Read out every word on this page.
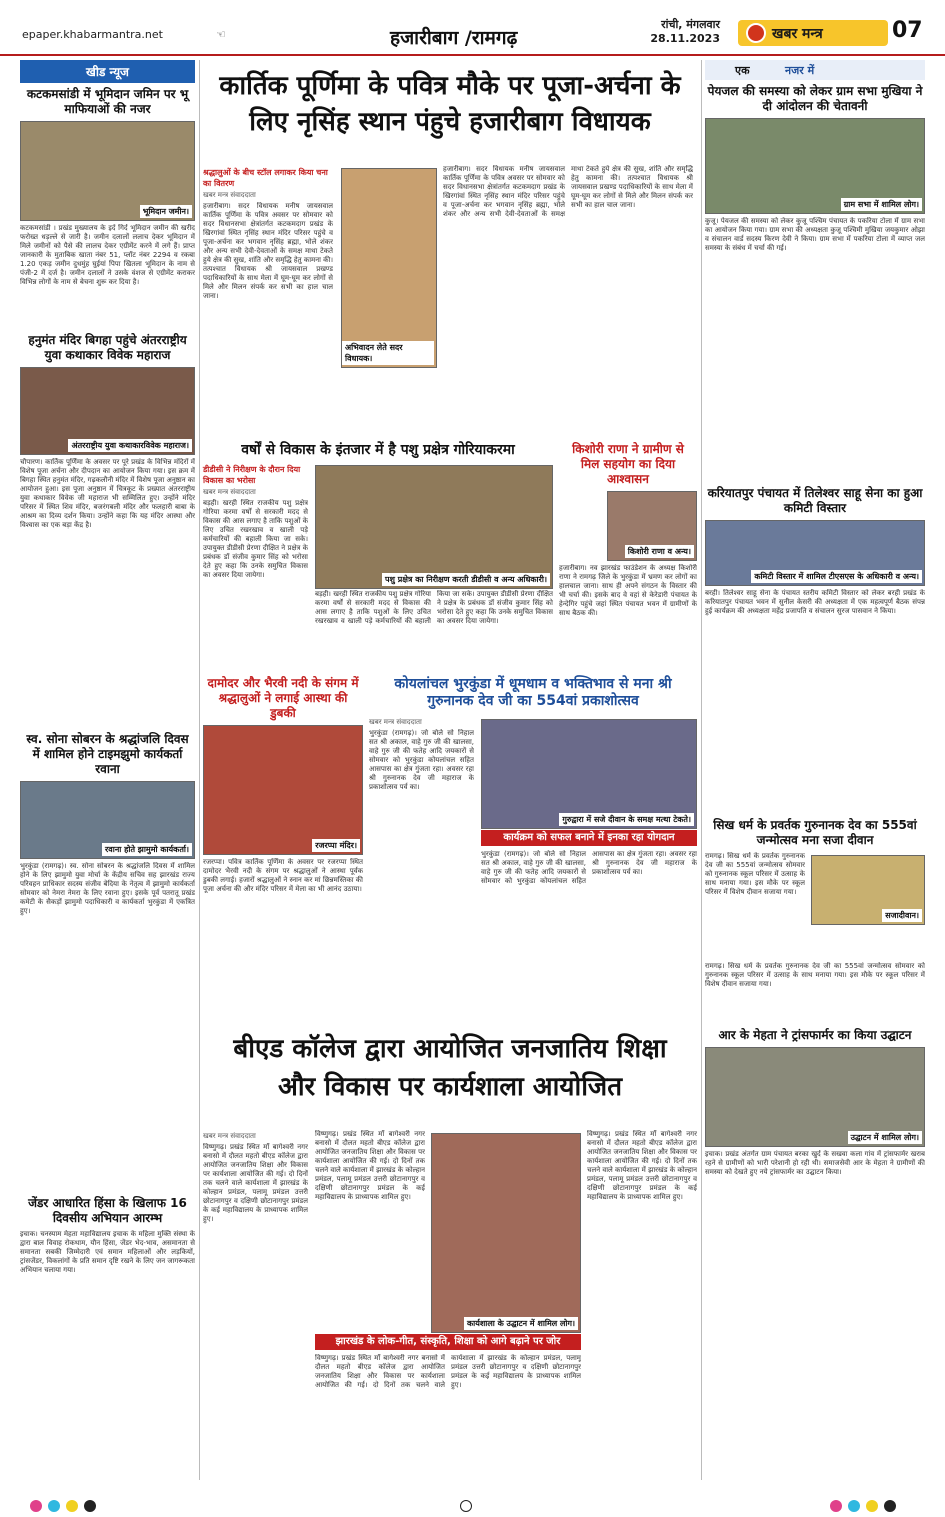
epaper.khabarmantra.net	☜	हजारीबाग /रामगढ़
रांची, मंगलवार
28.11.2023	खबर मन्त्र	07
खीड न्यूज
कटकमसांडी में भूमिदान जमिन पर भू माफियाओं की नजर
भूमिदान जमीन।
कटकमसांडी । प्रखंड मुख्यालय के इर्द गिर्द भूमिदान जमीन की खरीद फरोख्त धड़ल्ले से जारी है। जमीन दलालों ललाच देकर भूमिदान में मिले जमीनों को पैसे की लालच देकर एग्रीमेंट करने में लगे हैं। प्राप्त जानकारी के मुताबिक खाता नंबर 51, प्लॉट नंबर 2294 व रकबा 1.20 एकड़ जमीन दुधमुंह घुईयां पिपा खितला भूमिदान के नाम से पंजी-2 में दर्ज है। जमीन दलालों ने उसके वंशज से एग्रीमेंट कराकर विभिन्न लोगों के नाम से बेचना शुरू कर दिया है।
हनुमंत मंदिर बिगहा पहुंचे अंतरराष्ट्रीय युवा कथाकार विवेक महाराज
अंतरराष्ट्रीय युवा कथाकारविवेक महाराज।
चौपारण। कार्तिक पूर्णिमा के अवसर पर पूरे प्रखंड के विभिन्न मंदिरों में विशेष पूजा अर्चना और दीपदान का आयोजन किया गया। इस क्रम में बिगहा स्थित हनुमंत मंदिर, गढ़कलौनी मंदिर में विशेष पूजा अनुष्ठान का आयोजन हुआ। इस पूजा अनुष्ठान में चित्रकूट के प्रख्यात अंतरराष्ट्रीय युवा कथाकार विवेक जी महाराज भी सम्मिलित हुए। उन्होंने मंदिर परिसर में स्थित शिव मंदिर, बजरंगबली मंदिर और फलहारी बाबा के आश्रम का दिव्य दर्शन किया। उन्होंने कहा कि यह मंदिर आस्था और विश्वास का एक बड़ा केंद्र है।
स्व. सोना सोबरन के श्रद्धांजलि दिवस में शामिल होने टाइमझुमो कार्यकर्ता रवाना
रवाना होते झामुमो कार्यकर्ता।
भुरकुंडा (रामगढ़)। स्व. सोना सोबरन के श्रद्धांजलि दिवस में शामिल होने के लिए झामुमो युवा मोर्चा के केंद्रीय सचिव सह झारखंड राज्य परिवहन प्राधिकार सदस्य संजीव बेदिया के नेतृत्व में झामुमो कार्यकर्ता सोमवार को नेमरा नेमरा के लिए रवाना हुए। इसके पूर्व पतरातू प्रखंड कमेटी के सैकड़ों झामुमो पदाधिकारी व कार्यकर्ता भुरकुंडा में एकत्रित हुए।
जेंडर आधारित हिंसा के खिलाफ 16 दिवसीय अभियान आरम्भ
इचाक। चनस्याम मेहता महाविद्यालय इचाक के महिला मुक्ति संस्था के द्वारा बाल विवाह रोकथाम, यौन हिंसा, जेंडर भेद-भाव, असमानता से समानता सबकी जिम्मेदारी एवं समान महिलाओं और लड़कियों, ट्रांसजेंडर, विकलांगों के प्रति समान दृष्टि रखने के लिए जन जागरूकता अभियान चलाया गया।
कार्तिक पूर्णिमा के पवित्र मौके पर पूजा-अर्चना के लिए नृसिंह स्थान पंहुचे हजारीबाग विधायक
श्रद्धालुओं के बीच स्टॉल लगाकर किया चना का वितरण
खबर मन्त्र संवाददाता
हजारीबाग। सदर विधायक मनीष जायसवाल कार्तिक पूर्णिमा के पवित्र अवसर पर सोमवार को सदर विधानसभा क्षेत्रांतर्गत कटकमदाग प्रखंड के खिरगांवां स्थित नृसिंह स्थान मंदिर परिसर पहुंचे व पूजा-अर्चना कर भगवान नृसिंह ब्रह्मा, भोले शंकर और अन्य सभी देवी-देवताओं के समक्ष माथा टेकते हुये क्षेत्र की सुख, शांति और समृद्धि हेतु कामना की। तत्पश्चात विधायक श्री जायसवाल प्रखण्ड पदाधिकारियों के साथ मेला में घूम-घूम कर लोगों से मिले और मिलन संपर्क कर सभी का हाल चाल जाना।
अभिवादन लेते सदर विधायक।
हजारीबाग। सदर विधायक मनीष जायसवाल कार्तिक पूर्णिमा के पवित्र अवसर पर सोमवार को सदर विधानसभा क्षेत्रांतर्गत कटकमदाग प्रखंड के खिरगांवां स्थित नृसिंह स्थान मंदिर परिसर पहुंचे व पूजा-अर्चना कर भगवान नृसिंह ब्रह्मा, भोले शंकर और अन्य सभी देवी-देवताओं के समक्ष माथा टेकते हुये क्षेत्र की सुख, शांति और समृद्धि हेतु कामना की। तत्पश्चात विधायक श्री जायसवाल प्रखण्ड पदाधिकारियों के साथ मेला में घूम-घूम कर लोगों से मिले और मिलन संपर्क कर सभी का हाल चाल जाना।
वर्षों से विकास के इंतजार में है पशु प्रक्षेत्र गोरियाकरमा
डीडीसी ने निरीक्षण के दौरान दिया विकास का भरोसा
खबर मन्त्र संवाददाता
बड़ही। खरही स्थित राजकीय पशु प्रक्षेत्र गोरिया करमा वर्षों से सरकारी मदद से विकास की आस लगाए है ताकि पशुओं के लिए उचित रखरखाव व खाली पड़े कर्मचारियों की बहाली किया जा सके। उपायुक्त डीडीसी प्रेरणा दीक्षित ने प्रक्षेत्र के प्रबंधक डॉ संजीव कुमार सिंह को भरोसा देते हुए कहा कि उनके समुचित विकास का अवसर दिया जायेगा।	पशु प्रक्षेत्र का निरीक्षण करती डीडीसी व अन्य अधिकारी।
बड़ही। खरही स्थित राजकीय पशु प्रक्षेत्र गोरिया करमा वर्षों से सरकारी मदद से विकास की आस लगाए है ताकि पशुओं के लिए उचित रखरखाव व खाली पड़े कर्मचारियों की बहाली किया जा सके। उपायुक्त डीडीसी प्रेरणा दीक्षित ने प्रक्षेत्र के प्रबंधक डॉ संजीव कुमार सिंह को भरोसा देते हुए कहा कि उनके समुचित विकास का अवसर दिया जायेगा।
किशोरी राणा ने ग्रामीण से मिल सहयोग का दिया आश्वासन
किशोरी राणा व अन्य।
हजारीबाग। नव झारखंड फाउंडेशन के अध्यक्ष किशोरी राणा ने रामगढ़ जिले के भुरकुंडा में भ्रमण कर लोगों का हालचाल जाना। साथ ही अपने संगठन के विस्तार की भी चर्चा की। इसके बाद वे वहां से केरेडारी पंचायत के हेन्देगिर पहुंचे जहां स्थित पंचायत भवन में ग्रामीणों के साथ बैठक की।
दामोदर और भैरवी नदी के संगम में श्रद्धालुओं ने लगाई आस्था की डुबकी
रजरप्पा मंदिर।
रजरप्पा। पवित्र कार्तिक पूर्णिमा के अवसर पर रजरप्पा स्थित दामोदर भैरवी नदी के संगम पर श्रद्धालुओं ने आस्था पूर्वक डुबकी लगाई। हजारों श्रद्धालुओं ने स्नान कर मां छिन्नमस्तिका की पूजा अर्चना की और मंदिर परिसर में मेला का भी आनंद उठाया।
कोयलांचल भुरकुंडा में धूमधाम व भक्तिभाव से मना श्री गुरुनानक देव जी का 554वां प्रकाशोत्सव
खबर मन्त्र संवाददाता
भुरकुंडा (रामगढ़)। जो बोले सो निहाल सत श्री अकाल, वाहे गुरु जी की खालसा, वाहे गुरु जी की फतेह आदि जयकारों से सोमवार को भुरकुंडा कोयलांचल सहित आसपास का क्षेत्र गुंजता रहा। अवसर रहा श्री गुरुनानक देव जी महाराज के प्रकाशोत्सव पर्व का।
गुरुद्वारा में सजे दीवान के समक्ष मत्था टेकते।
कार्यक्रम को सफल बनाने में इनका रहा योगदान
भुरकुंडा (रामगढ़)। जो बोले सो निहाल सत श्री अकाल, वाहे गुरु जी की खालसा, वाहे गुरु जी की फतेह आदि जयकारों से सोमवार को भुरकुंडा कोयलांचल सहित आसपास का क्षेत्र गुंजता रहा। अवसर रहा श्री गुरुनानक देव जी महाराज के प्रकाशोत्सव पर्व का।
बीएड कॉलेज द्वारा आयोजित जनजातिय शिक्षा और विकास पर कार्यशाला आयोजित
खबर मन्त्र संवाददाता
विष्णुगढ़। प्रखंड स्थित माँ बागेश्वरी नगर बनासो में दौलत महतो बीएड कॉलेज द्वारा आयोजित जनजातिय शिक्षा और विकास पर कार्यशाला आयोजित की गई। दो दिनों तक चलने वाले कार्यशाला में झारखंड के कोल्हान प्रमंडल, पलामू प्रमंडल उत्तरी छोटानागपुर व दक्षिणी छोटानागपुर प्रमंडल के कई महाविद्यालय के प्राध्यापक शामिल हुए।
विष्णुगढ़। प्रखंड स्थित माँ बागेश्वरी नगर बनासो में दौलत महतो बीएड कॉलेज द्वारा आयोजित जनजातिय शिक्षा और विकास पर कार्यशाला आयोजित की गई। दो दिनों तक चलने वाले कार्यशाला में झारखंड के कोल्हान प्रमंडल, पलामू प्रमंडल उत्तरी छोटानागपुर व दक्षिणी छोटानागपुर प्रमंडल के कई महाविद्यालय के प्राध्यापक शामिल हुए।
कार्यशाला के उद्घाटन में शामिल लोग।
विष्णुगढ़। प्रखंड स्थित माँ बागेश्वरी नगर बनासो में दौलत महतो बीएड कॉलेज द्वारा आयोजित जनजातिय शिक्षा और विकास पर कार्यशाला आयोजित की गई। दो दिनों तक चलने वाले कार्यशाला में झारखंड के कोल्हान प्रमंडल, पलामू प्रमंडल उत्तरी छोटानागपुर व दक्षिणी छोटानागपुर प्रमंडल के कई महाविद्यालय के प्राध्यापक शामिल हुए।
झारखंड के लोक-गीत, संस्कृति, शिक्षा को आगे बढ़ाने पर जोर
विष्णुगढ़। प्रखंड स्थित माँ बागेश्वरी नगर बनासो में दौलत महतो बीएड कॉलेज द्वारा आयोजित जनजातिय शिक्षा और विकास पर कार्यशाला आयोजित की गई। दो दिनों तक चलने वाले कार्यशाला में झारखंड के कोल्हान प्रमंडल, पलामू प्रमंडल उत्तरी छोटानागपुर व दक्षिणी छोटानागपुर प्रमंडल के कई महाविद्यालय के प्राध्यापक शामिल हुए।
एक	नजर में
पेयजल की समस्या को लेकर ग्राम सभा मुखिया ने दी आंदोलन की चेतावनी
ग्राम सभा में शामिल लोग।
कुजू। पेयजल की समस्या को लेकर कुजू पश्चिम पंचायत के पकरिया टोला में ग्राम सभा का आयोजन किया गया। ग्राम सभा की अध्यक्षता कुजू पश्चिमी मुखिया जयकुमार ओझा व संचालन वार्ड सदस्य किरण देवी ने किया। ग्राम सभा में पकरिया टोला में व्याप्त जल समस्या के संबंध में चर्चा की गई।
करियातपुर पंचायत में तिलेश्वर साहू सेना का हुआ कमिटी विस्तार
कमिटी विस्तार में शामिल टीएसएस के अधिकारी व अन्य।
बरही। तिलेश्वर साहू सेना के पंचायत स्तरीय कमिटी विस्तार को लेकर बरही प्रखंड के करियातपुर पंचायत भवन में सुनील केसरी की अध्यक्षता में एक महत्वपूर्ण बैठक संपन्न हुई कार्यक्रम की अध्यक्षता महेंद्र प्रजापति व संचालन सुरज पासवान ने किया।
सिख धर्म के प्रवर्तक गुरुनानक देव का 555वां जन्मोत्सव मना सजा दीवान
रामगढ़। सिख धर्म के प्रवर्तक गुरुनानक देव जी का 555वां जन्मोत्सव सोमवार को गुरुनानक स्कूल परिसर में उत्साह के साथ मनाया गया। इस मौके पर स्कूल परिसर में विशेष दीवान सजाया गया।
सजादीवान।
रामगढ़। सिख धर्म के प्रवर्तक गुरुनानक देव जी का 555वां जन्मोत्सव सोमवार को गुरुनानक स्कूल परिसर में उत्साह के साथ मनाया गया। इस मौके पर स्कूल परिसर में विशेष दीवान सजाया गया।
आर के मेहता ने ट्रांसफार्मर का किया उद्घाटन
उद्घाटन में शामिल लोग।
इचाक। प्रखंड अंतर्गत ग्राम पंचायत बरका खुर्द के सखवा कला गांव में ट्रांसफार्मर खराब रहने से ग्रामीणों को भारी परेशानी हो रही थी। समाजसेवी आर के मेहता ने ग्रामीणों की समस्या को देखते हुए नये ट्रांसफार्मर का उद्घाटन किया।
